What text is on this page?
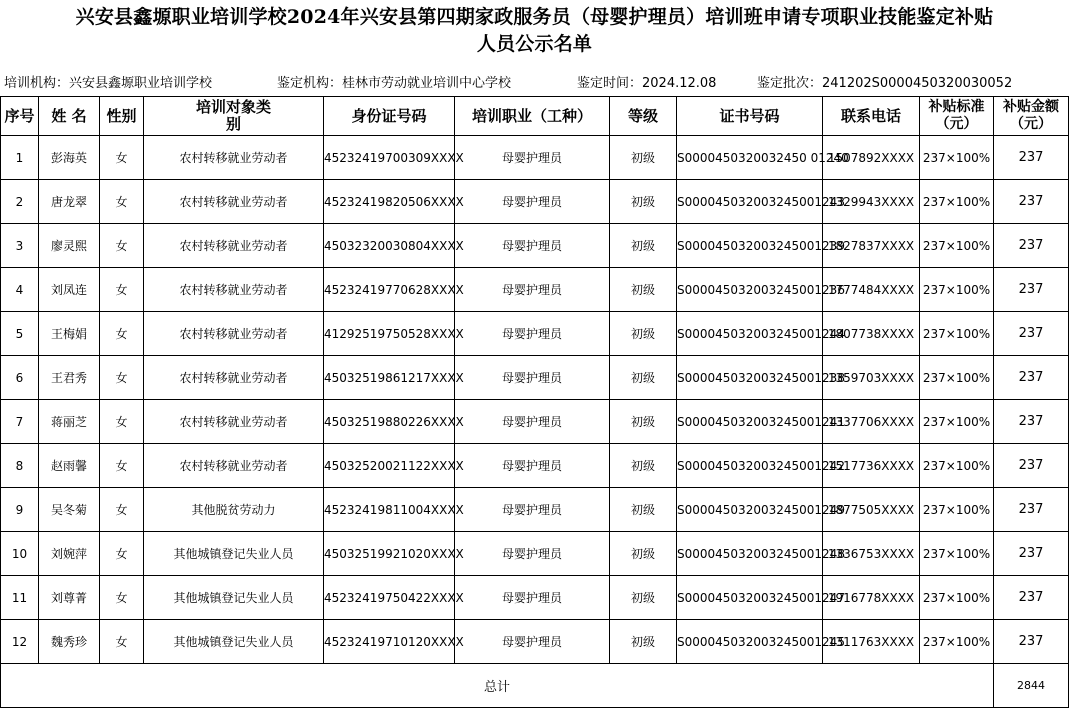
兴安县鑫塬职业培训学校2024年兴安县第四期家政服务员（母婴护理员）培训班申请专项职业技能鉴定补贴
人员公示名单
培训机构：兴安县鑫塬职业培训学校	鉴定机构：桂林市劳动就业培训中心学校	鉴定时间：2024.12.08	鉴定批次：241202S0000450320030052
序号	姓 名	性别	培训对象类别	身份证号码	培训职业（工种）	等级	证书号码	联系电话	补贴标准（元）	补贴金额（元）
1	彭海英	女	农村转移就业劳动者	45232419700309XXXX	母婴护理员	初级	S0000450320032450 01240	1507892XXXX	237×100%	237
2	唐龙翠	女	农村转移就业劳动者	45232419820506XXXX	母婴护理员	初级	S000045032003245001243	1329943XXXX	237×100%	237
3	廖灵熙	女	农村转移就业劳动者	45032320030804XXXX	母婴护理员	初级	S000045032003245001239	1827837XXXX	237×100%	237
4	刘凤连	女	农村转移就业劳动者	45232419770628XXXX	母婴护理员	初级	S000045032003245001236	1777484XXXX	237×100%	237
5	王梅娟	女	农村转移就业劳动者	41292519750528XXXX	母婴护理员	初级	S000045032003245001244	1807738XXXX	237×100%	237
6	王君秀	女	农村转移就业劳动者	45032519861217XXXX	母婴护理员	初级	S000045032003245001238	1359703XXXX	237×100%	237
7	蒋丽芝	女	农村转移就业劳动者	45032519880226XXXX	母婴护理员	初级	S000045032003245001241	1337706XXXX	237×100%	237
8	赵雨馨	女	农村转移就业劳动者	45032520021122XXXX	母婴护理员	初级	S000045032003245001242	1517736XXXX	237×100%	237
9	吴冬菊	女	其他脱贫劳动力	45232419811004XXXX	母婴护理员	初级	S000045032003245001249	1877505XXXX	237×100%	237
10	刘婉萍	女	其他城镇登记失业人员	45032519921020XXXX	母婴护理员	初级	S000045032003245001248	1336753XXXX	237×100%	237
11	刘尊菁	女	其他城镇登记失业人员	45232419750422XXXX	母婴护理员	初级	S000045032003245001247	1916778XXXX	237×100%	237
12	魏秀珍	女	其他城镇登记失业人员	45232419710120XXXX	母婴护理员	初级	S000045032003245001245	1311763XXXX	237×100%	237
总计										2844
